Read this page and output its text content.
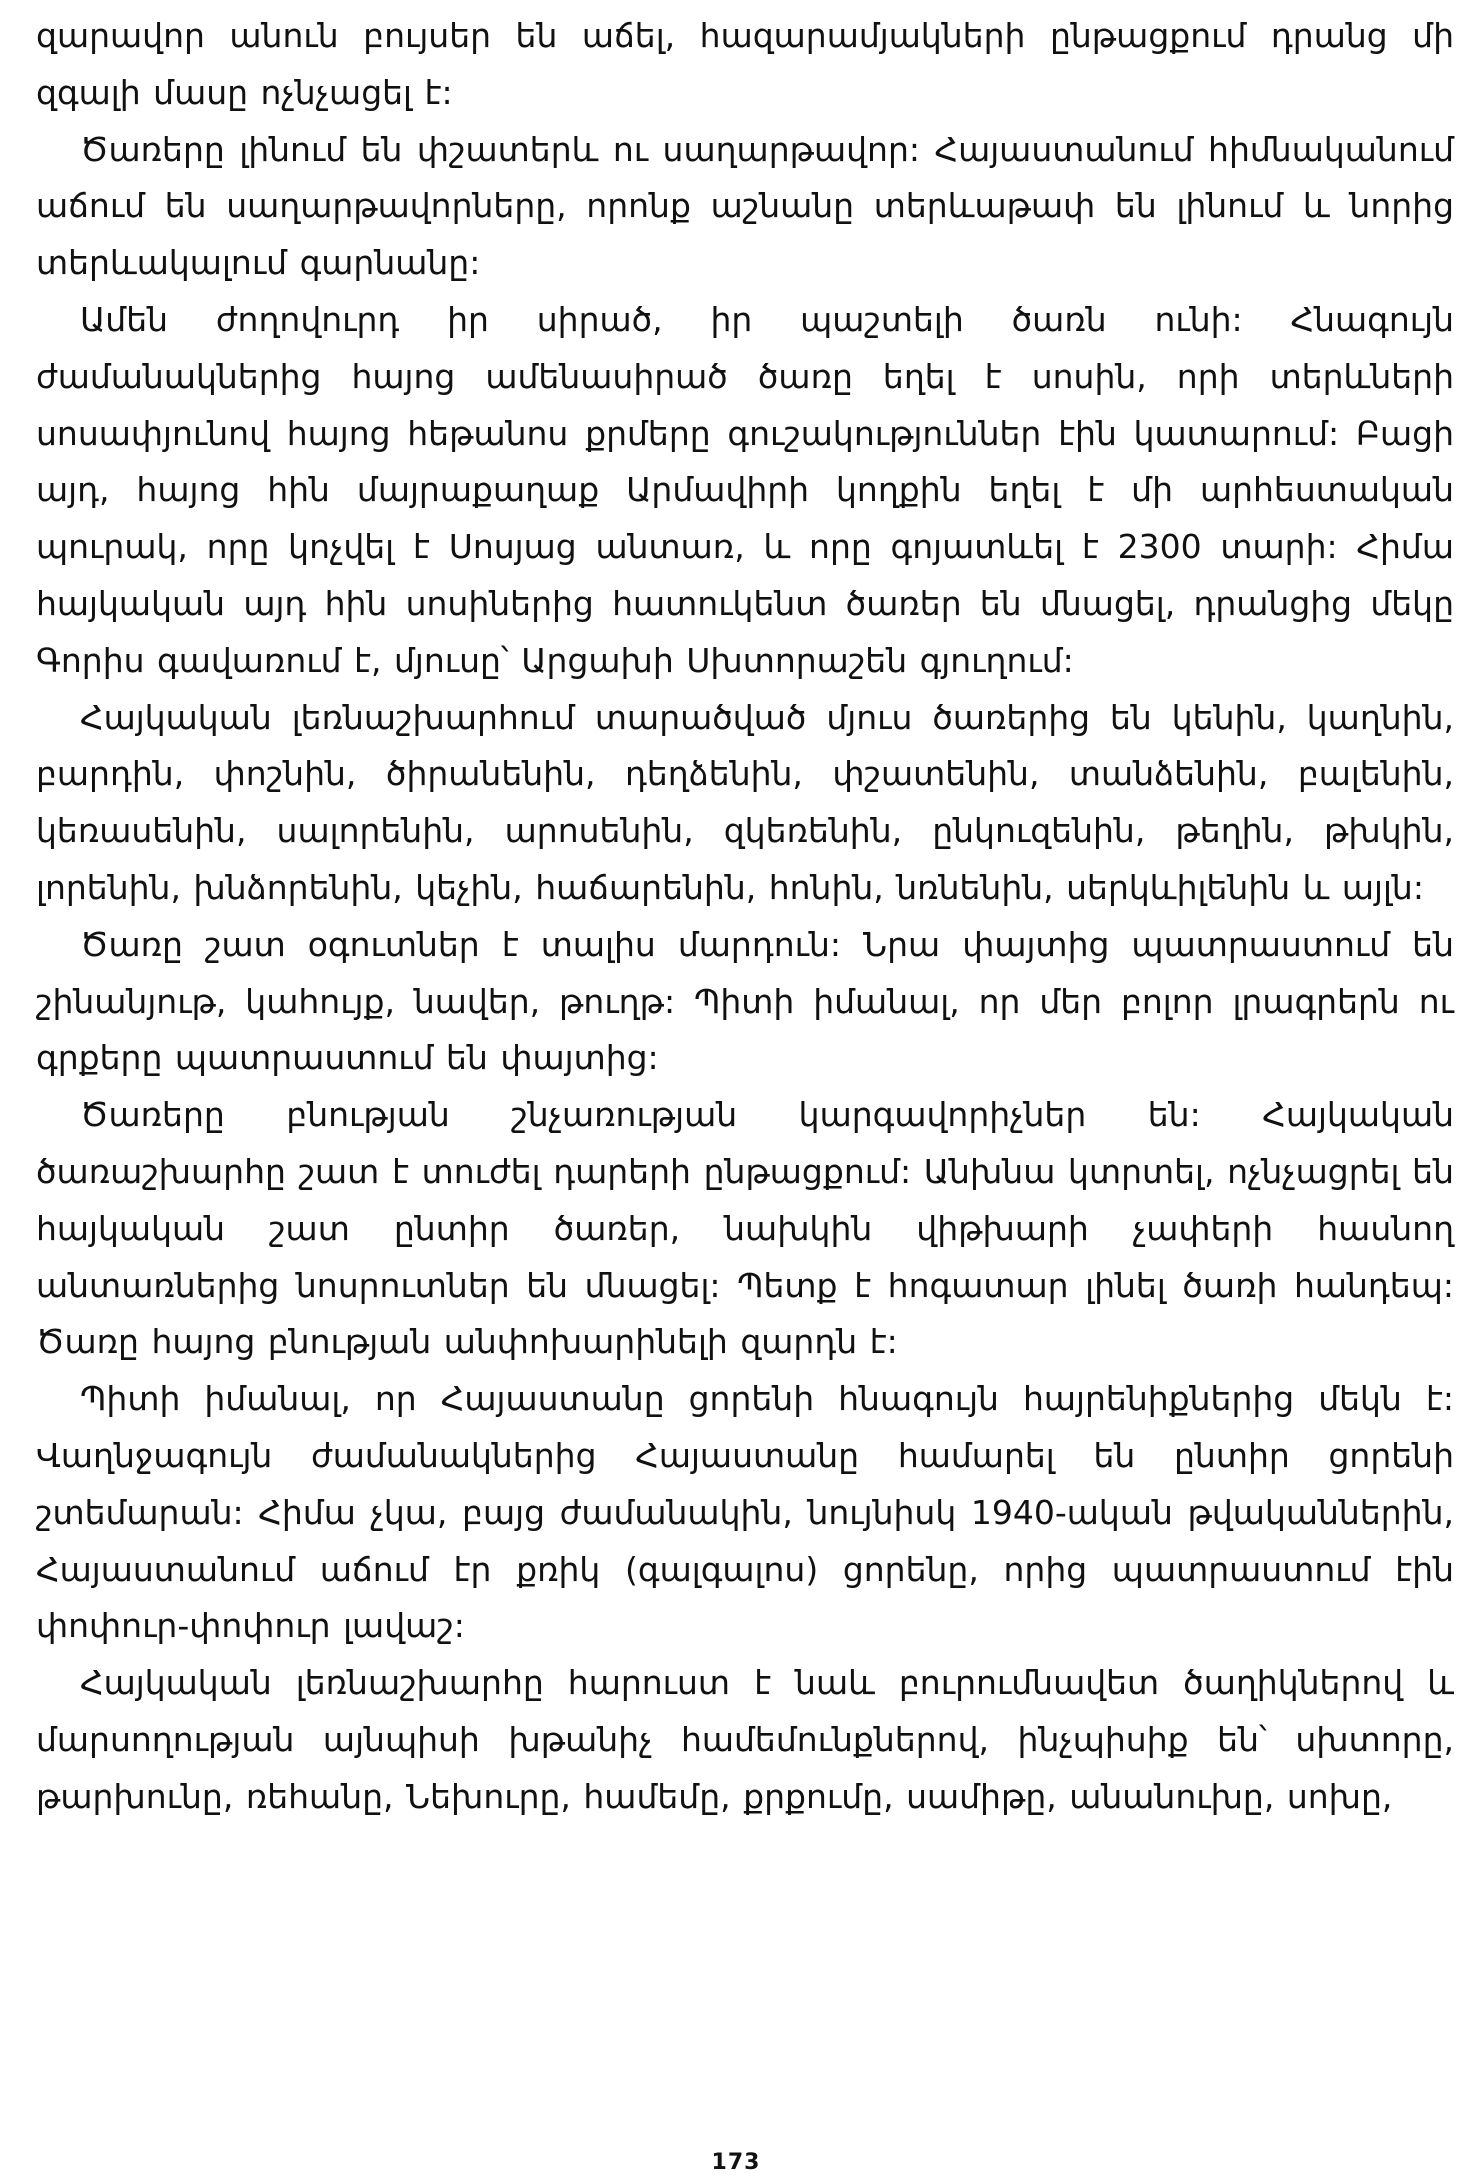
զարավոր անուն բույսեր են աճել, հազարամյակների ընթացքում դրանց մի զգալի մասը ոչնչացել է:

Ծառերը լինում են փշատերև ու սաղարթավոր: Հայաստանում հիմնականում աճում են սաղարթավորները, որոնք աշնանը տերևաթափ են լինում և նորից տերևակալում գարնանը:

Ամեն ժողովուրդ իր սիրած, իր պաշտելի ծառն ունի: Հնագույն ժամանակներից հայոց ամենասիրած ծառը եղել է սոսին, որի տերևների սոսափյունով հայոց հեթանոս քրմերը գուշակություններ էին կատարում: Բացի այդ, հայոց հին մայրաքաղաք Արմավիրի կողքին եղել է մի արհեստական պուրակ, որը կոչվել է Սոսյաց անտառ, և որը գոյատևել է 2300 տարի: Հիմա հայկական այդ հին սոսիներից հատուկենտ ծառեր են մնացել, դրանցից մեկը Գորիս գավառում է, մյուսը՝ Արցախի Սխտորաշեն գյուղում:

Հայկական լեռնաշխարհում տարածված մյուս ծառերից են կենին, կաղնին, բարդին, փոշնին, ծիրանենին, դեղձենին, փշատենին, տանձենին, բալենին, կեռասենին, սալորենին, արոսենին, զկեռենին, ընկուզենին, թեղին, թխկին, լորենին, խնձորենին, կեչին, հաճարենին, հոնին, նռնենին, սերկևիլենին և այլն:

Ծառը շատ օգուտներ է տալիս մարդուն: Նրա փայտից պատրաստում են շինանյութ, կահույք, նավեր, թուղթ: Պիտի իմանալ, որ մեր բոլոր լրագրերն ու գրքերը պատրաստում են փայտից:

Ծառերը բնության շնչառության կարգավորիչներ են: Հայկական ծառաշխարհը շատ է տուժել դարերի ընթացքում: Անխնա կտրտել, ոչնչացրել են հայկական շատ ընտիր ծառեր, նախկին վիթխարի չափերի հասնող անտառներից նոսրուտներ են մնացել: Պետք է հոգատար լինել ծառի հանդեպ: Ծառը հայոց բնության անփոխարինելի զարդն է:

Պիտի իմանալ, որ Հայաստանը ցորենի հնագույն հայրենիքներից մեկն է: Վաղնջագույն ժամանակներից Հայաստանը համարել են ընտիր ցորենի շտեմարան: Հիմա չկա, բայց ժամանակին, նույնիսկ 1940-ական թվականներին, Հայաստանում աճում էր քռիկ (գալգալոս) ցորենը, որից պատրաստում էին փոփուր-փոփուր լավաշ:

Հայկական լեռնաշխարհը հարուստ է նաև բուրումնավետ ծաղիկներով և մարսողության այնպիսի խթանիչ համեմունքներով, ինչպիսիք են՝ սխտորը, թարխունը, ռեհանը, Նեխուրը, համեմը, քրքումը, սամիթը, անանուխը, սոխը,

173
